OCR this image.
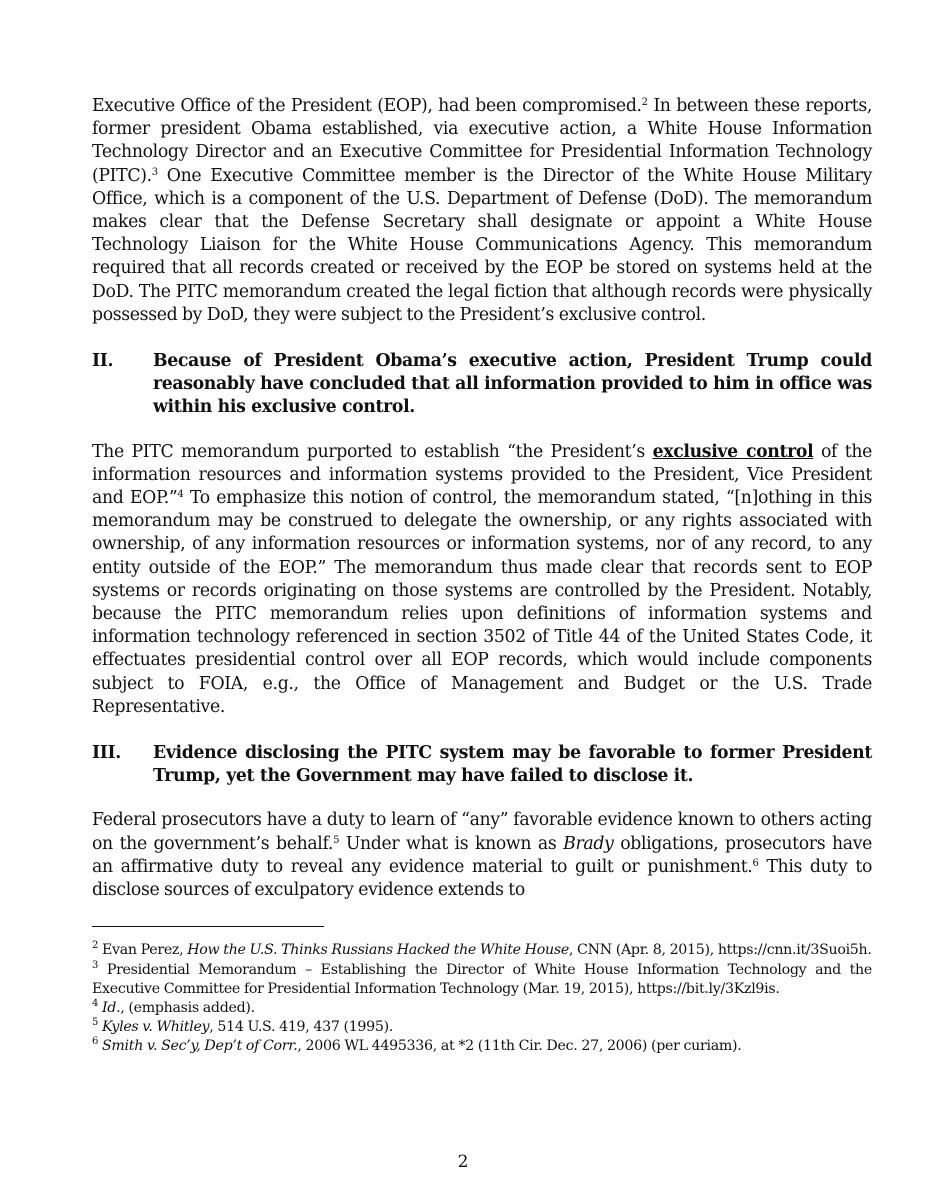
Executive Office of the President (EOP), had been compromised.$^2$ In between these reports, former president Obama established, via executive action, a White House Information Technology Director and an Executive Committee for Presidential Information Technology (PITC).$^3$ One Executive Committee member is the Director of the White House Military Office, which is a component of the U.S. Department of Defense (DoD). The memorandum makes clear that the Defense Secretary shall designate or appoint a White House Technology Liaison for the White House Communications Agency. This memorandum required that all records created or received by the EOP be stored on systems held at the DoD. The PITC memorandum created the legal fiction that although records were physically possessed by DoD, they were subject to the President’s exclusive control.

II.	Because of President Obama’s executive action, President Trump could reasonably have concluded that all information provided to him in office was within his exclusive control.

The PITC memorandum purported to establish “the President’s exclusive control of the information resources and information systems provided to the President, Vice President and EOP.”$^4$ To emphasize this notion of control, the memorandum stated, “[n]othing in this memorandum may be construed to delegate the ownership, or any rights associated with ownership, of any information resources or information systems, nor of any record, to any entity outside of the EOP.” The memorandum thus made clear that records sent to EOP systems or records originating on those systems are controlled by the President. Notably, because the PITC memorandum relies upon definitions of information systems and information technology referenced in section 3502 of Title 44 of the United States Code, it effectuates presidential control over all EOP records, which would include components subject to FOIA, e.g., the Office of Management and Budget or the U.S. Trade Representative.

III.	Evidence disclosing the PITC system may be favorable to former President Trump, yet the Government may have failed to disclose it.

Federal prosecutors have a duty to learn of “any” favorable evidence known to others acting on the government’s behalf.$^5$ Under what is known as Brady obligations, prosecutors have an affirmative duty to reveal any evidence material to guilt or punishment.$^6$ This duty to disclose sources of exculpatory evidence extends to

$^2$ Evan Perez, How the U.S. Thinks Russians Hacked the White House, CNN (Apr. 8, 2015), https://cnn.it/3Suoi5h.

$^3$ Presidential Memorandum – Establishing the Director of White House Information Technology and the Executive Committee for Presidential Information Technology (Mar. 19, 2015), https://bit.ly/3Kzl9is.

$^4$ Id., (emphasis added).

$^5$ Kyles v. Whitley, 514 U.S. 419, 437 (1995).

$^6$ Smith v. Sec’y, Dep’t of Corr., 2006 WL 4495336, at *2 (11th Cir. Dec. 27, 2006) (per curiam).

2
